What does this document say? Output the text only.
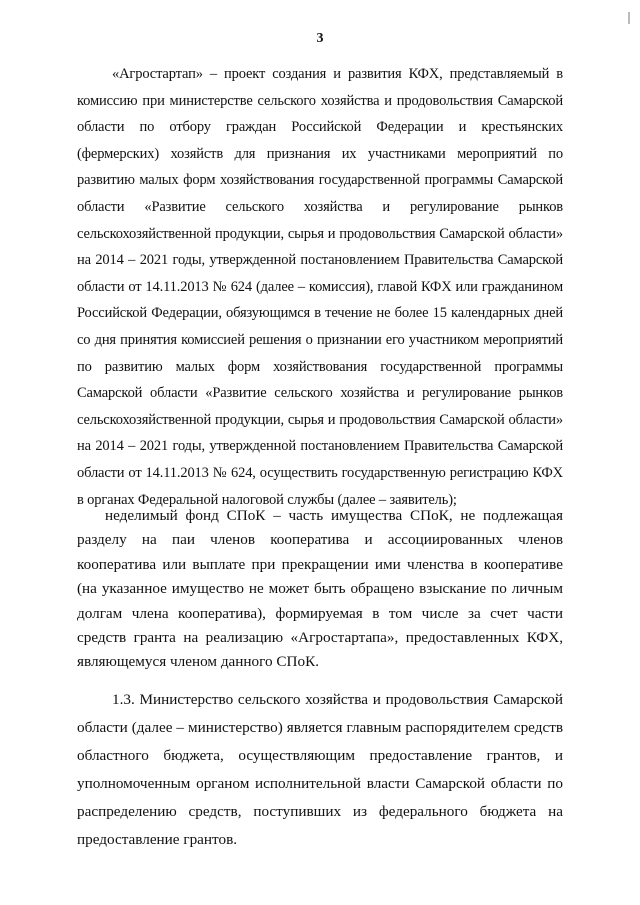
3

«Агростартап» – проект создания и развития КФХ, представляемый в комиссию при министерстве сельского хозяйства и продовольствия Самарской области по отбору граждан Российской Федерации и крестьянских (фермерских) хозяйств для признания их участниками мероприятий по развитию малых форм хозяйствования государственной программы Самарской области «Развитие сельского хозяйства и регулирование рынков сельскохозяйственной продукции, сырья и продовольствия Самарской области» на 2014 – 2021 годы, утвержденной постановлением Правительства Самарской области от 14.11.2013 № 624 (далее – комиссия), главой КФХ или гражданином Российской Федерации, обязующимся в течение не более 15 календарных дней со дня принятия комиссией решения о признании его участником мероприятий по развитию малых форм хозяйствования государственной программы Самарской области «Развитие сельского хозяйства и регулирование рынков сельскохозяйственной продукции, сырья и продовольствия Самарской области» на 2014 – 2021 годы, утвержденной постановлением Правительства Самарской области от 14.11.2013 № 624, осуществить государственную регистрацию КФХ в органах Федеральной налоговой службы (далее – заявитель);

неделимый фонд СПоК – часть имущества СПоК, не подлежащая разделу на паи членов кооператива и ассоциированных членов кооператива или выплате при прекращении ими членства в кооперативе (на указанное имущество не может быть обращено взыскание по личным долгам члена кооператива), формируемая в том числе за счет части средств гранта на реализацию «Агростартапа», предоставленных КФХ, являющемуся членом данного СПоК.

1.3. Министерство сельского хозяйства и продовольствия Самарской области (далее – министерство) является главным распорядителем средств областного бюджета, осуществляющим предоставление грантов, и уполномоченным органом исполнительной власти Самарской области по распределению средств, поступивших из федерального бюджета на предоставление грантов.
